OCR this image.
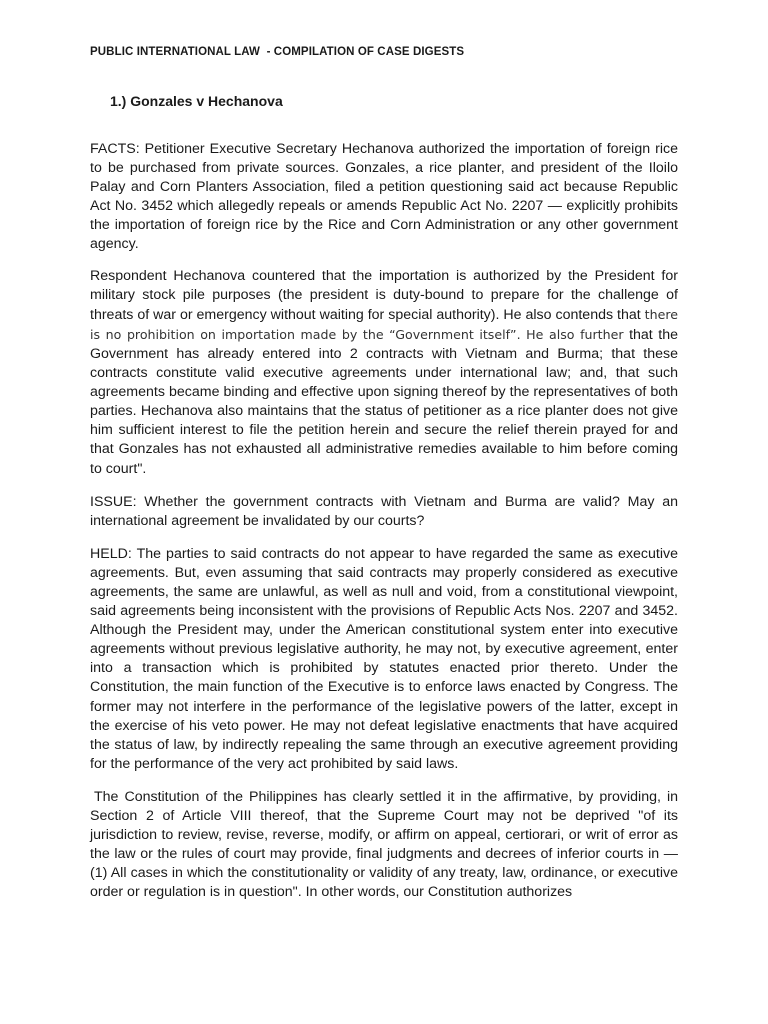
PUBLIC INTERNATIONAL LAW  - COMPILATION OF CASE DIGESTS
1.) Gonzales v Hechanova

FACTS: Petitioner Executive Secretary Hechanova authorized the importation of foreign rice to be purchased from private sources. Gonzales, a rice planter, and president of the Iloilo Palay and Corn Planters Association, filed a petition questioning said act because Republic Act No. 3452 which allegedly repeals or amends Republic Act No. 2207 — explicitly prohibits the importation of foreign rice by the Rice and Corn Administration or any other government agency.

Respondent Hechanova countered that the importation is authorized by the President for military stock pile purposes (the president is duty-bound to prepare for the challenge of threats of war or emergency without waiting for special authority). He also contends that there is no prohibition on importation made by the “Government itself”. He also further that the Government has already entered into 2 contracts with Vietnam and Burma; that these contracts constitute valid executive agreements under international law; and, that such agreements became binding and effective upon signing thereof by the representatives of both parties. Hechanova also maintains that the status of petitioner as a rice planter does not give him sufficient interest to file the petition herein and secure the relief therein prayed for and that Gonzales has not exhausted all administrative remedies available to him before coming to court".

ISSUE: Whether the government contracts with Vietnam and Burma are valid? May an international agreement be invalidated by our courts?

HELD: The parties to said contracts do not appear to have regarded the same as executive agreements. But, even assuming that said contracts may properly considered as executive agreements, the same are unlawful, as well as null and void, from a constitutional viewpoint, said agreements being inconsistent with the provisions of Republic Acts Nos. 2207 and 3452. Although the President may, under the American constitutional system enter into executive agreements without previous legislative authority, he may not, by executive agreement, enter into a transaction which is prohibited by statutes enacted prior thereto. Under the Constitution, the main function of the Executive is to enforce laws enacted by Congress. The former may not interfere in the performance of the legislative powers of the latter, except in the exercise of his veto power. He may not defeat legislative enactments that have acquired the status of law, by indirectly repealing the same through an executive agreement providing for the performance of the very act prohibited by said laws.

The Constitution of the Philippines has clearly settled it in the affirmative, by providing, in Section 2 of Article VIII thereof, that the Supreme Court may not be deprived "of its jurisdiction to review, revise, reverse, modify, or affirm on appeal, certiorari, or writ of error as the law or the rules of court may provide, final judgments and decrees of inferior courts in — (1) All cases in which the constitutionality or validity of any treaty, law, ordinance, or executive order or regulation is in question". In other words, our Constitution authorizes
